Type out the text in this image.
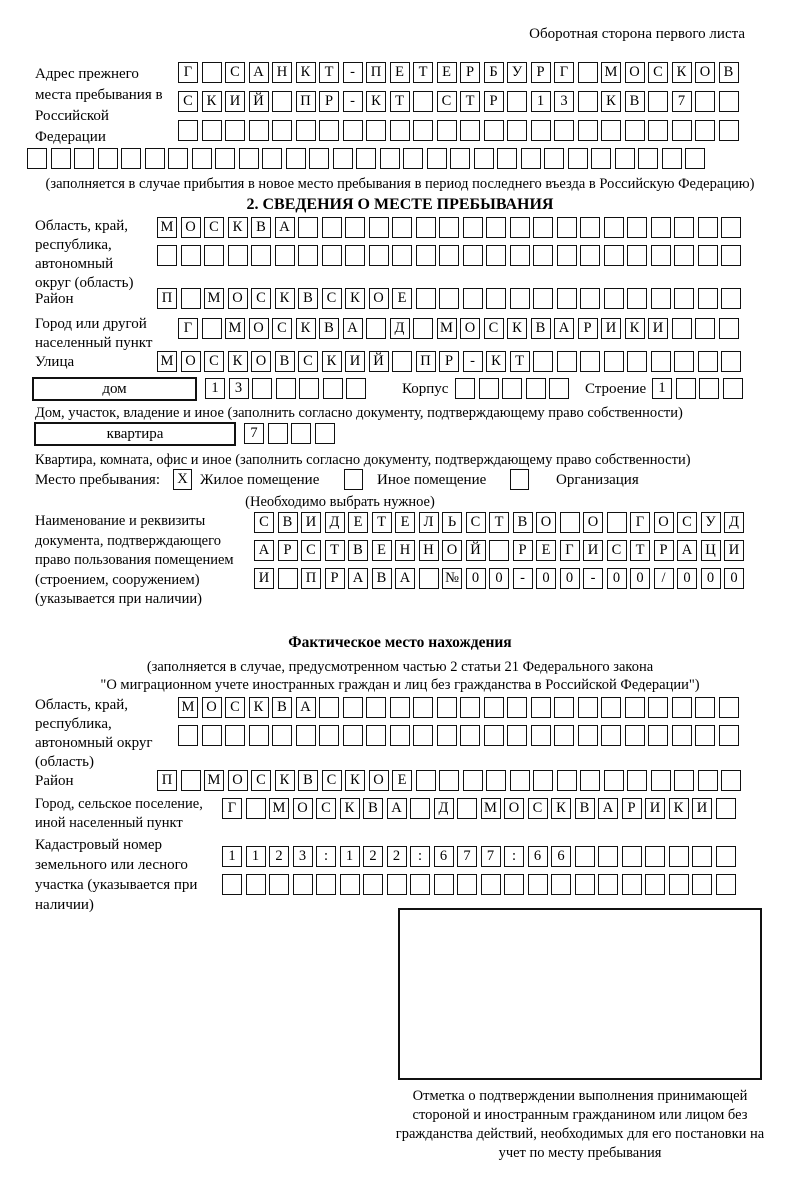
Оборотная сторона первого листа
Адрес прежнего места пребывания в Российской Федерации
Г	С А Н К Т - П Е Т Е Р Б У Р Г	М О С К О В
С К И Й	П Р - К Т	С Т Р	1 3	К В	7
(заполняется в случае прибытия в новое место пребывания в период последнего въезда в Российскую Федерацию)
2. СВЕДЕНИЯ О МЕСТЕ ПРЕБЫВАНИЯ
Область, край, республика, автономный округ (область)
М О С К В А
Район	П М О С К В С К О Е
Город или другой населенный пункт
Г	М О С К В А	Д М О С К В А Р И К И
Улица	М О С К О В С К И Й	П Р - К Т
дом	1 3	Корпус	Строение 1
Дом, участок, владение и иное (заполнить согласно документу, подтверждающему право собственности)
квартира	7
Квартира, комната, офис и иное (заполнить согласно документу, подтверждающему право собственности)
Место пребывания: X Жилое помещение	Иное помещение	Организация
(Необходимо выбрать нужное)
Наименование и реквизиты документа, подтверждающего право пользования помещением (строением, сооружением) (указывается при наличии)
С В И Д Е Т Е Л Ь С Т В О	О	Г О С У Д
А Р С Т В Е Н Н О Й	Р Е Г И С Т Р А Ц И
И	П Р А В А № 0 0 - 0 0 - 0 0 / 0 0 0
Фактическое место нахождения
(заполняется в случае, предусмотренном частью 2 статьи 21 Федерального закона
"О миграционном учете иностранных граждан и лиц без гражданства в Российской Федерации")
Область, край, республика, автономный округ (область)
М О С К В А
Район	П М О С К В С К О Е
Город, сельское поселение, иной населенный пункт
Г	М О С К В А	Д М О С К В А Р И К И
Кадастровый номер земельного или лесного участка (указывается при наличии)
1 1 2 3 : 1 2 2 : 6 7 7 : 6 6
Отметка о подтверждении выполнения принимающей стороной и иностранным гражданином или лицом без гражданства действий, необходимых для его постановки на учет по месту пребывания
